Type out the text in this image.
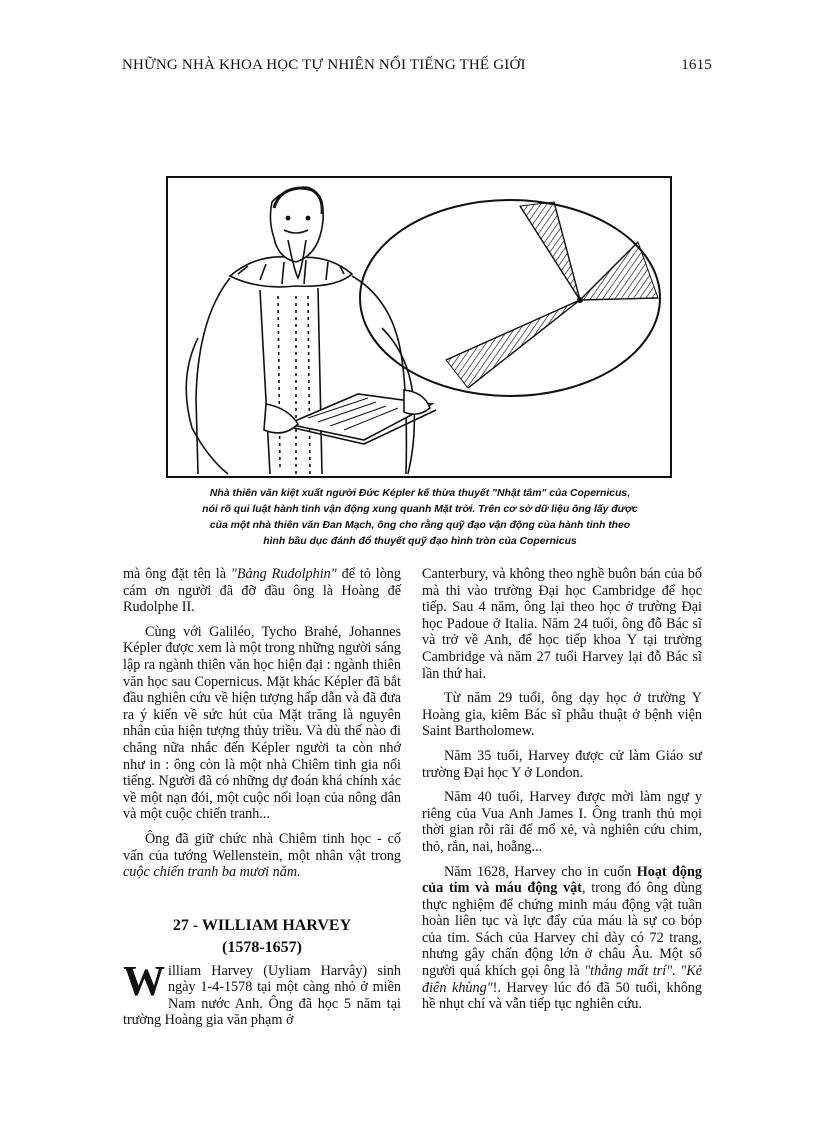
NHỮNG NHÀ KHOA HỌC TỰ NHIÊN NỔI TIẾNG THẾ GIỚI	1615
Nhà thiên văn kiệt xuất người Đức Képler kế thừa thuyết "Nhật tâm" của Copernicus,
nói rõ qui luật hành tinh vận động xung quanh Mặt trời. Trên cơ sở dữ liệu ông lấy được
của một nhà thiên văn Đan Mạch, ông cho rằng quỹ đạo vận động của hành tinh theo
hình bầu dục đánh đổ thuyết quỹ đạo hình tròn của Copernicus

mà ông đặt tên là "Bảng Rudolphin" để tỏ lòng cám ơn người đã đỡ đầu ông là Hoàng đế Rudolphe II.

Cùng với Galiléo, Tycho Brahé, Johannes Képler được xem là một trong những người sáng lập ra ngành thiên văn học hiện đại : ngành thiên văn học sau Copernicus. Mặt khác Képler đã bắt đầu nghiên cứu về hiện tượng hấp dẫn và đã đưa ra ý kiến về sức hút của Mặt trăng là nguyên nhân của hiện tượng thủy triều. Và dù thế nào đi chăng nữa nhắc đến Képler người ta còn nhớ như in : ông còn là một nhà Chiêm tinh gia nổi tiếng. Người đã có những dự đoán khá chính xác về một nạn đói, một cuộc nổi loạn của nông dân và một cuộc chiến tranh...

Ông đã giữ chức nhà Chiêm tinh học - cố vấn của tướng Wellenstein, một nhân vật trong cuộc chiến tranh ba mươi năm.

27 - WILLIAM HARVEY
(1578-1657)

William Harvey (Uyliam Harvây) sinh ngày 1-4-1578 tại một càng nhỏ ở miền Nam nước Anh. Ông đã học 5 năm tại trường Hoàng gia văn phạm ở

Canterbury, và không theo nghề buôn bán của bố mà thi vào trường Đại học Cambridge để học tiếp. Sau 4 năm, ông lại theo học ở trường Đại học Padoue ở Italia. Năm 24 tuổi, ông đỗ Bác sĩ và trở về Anh, để học tiếp khoa Y tại trường Cambridge và năm 27 tuổi Harvey lại đỗ Bác sĩ lần thứ hai.

Từ năm 29 tuổi, ông dạy học ở trường Y Hoàng gia, kiêm Bác sĩ phẫu thuật ở bệnh viện Saint Bartholomew.

Năm 35 tuổi, Harvey được cử làm Giáo sư trường Đại học Y ở London.

Năm 40 tuổi, Harvey được mời làm ngự y riêng của Vua Anh James I. Ông tranh thủ mọi thời gian rỗi rãi để mổ xẻ, và nghiên cứu chim, thỏ, rắn, nai, hoẵng...

Năm 1628, Harvey cho in cuốn Hoạt động của tim và máu động vật, trong đó ông dùng thực nghiệm để chứng minh máu động vật tuần hoàn liên tục và lực đẩy của máu là sự co bóp của tim. Sách của Harvey chỉ dày có 72 trang, nhưng gây chấn động lớn ở châu Âu. Một số người quá khích gọi ông là "thằng mất trí". "Kẻ điên khùng"!. Harvey lúc đó đã 50 tuổi, không hề nhụt chí và vẫn tiếp tục nghiên cứu.
